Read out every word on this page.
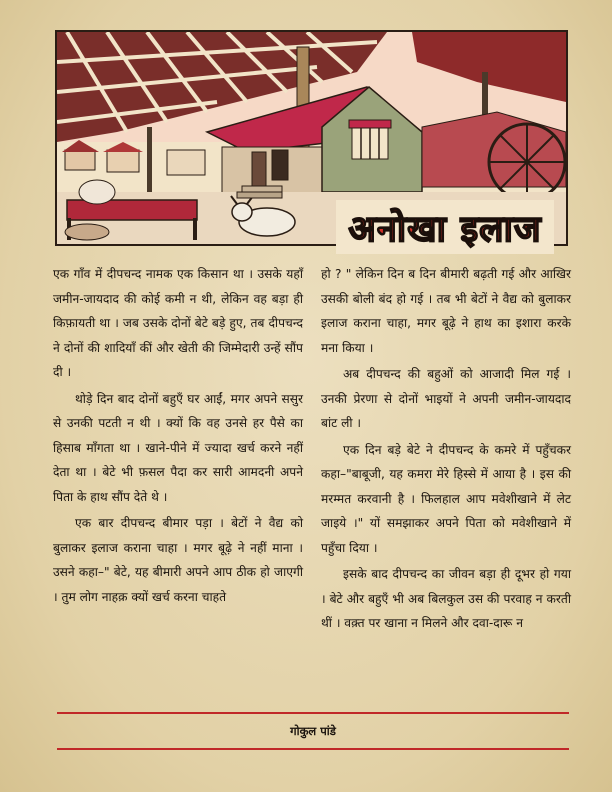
अनोखा इलाज

एक गाँव में दीपचन्द नामक एक किसान था । उसके यहाँ जमीन-जायदाद की कोई कमी न थी, लेकिन वह बड़ा ही किफ़ायती था । जब उसके दोनों बेटे बड़े हुए, तब दीपचन्द ने दोनों की शादियाँ कीं और खेती की जिम्मेदारी उन्हें सौंप दी ।

थोड़े दिन बाद दोनों बहुएँ घर आईं, मगर अपने ससुर से उनकी पटती न थी । क्यों कि वह उनसे हर पैसे का हिसाब माँगता था । खाने-पीने में ज्यादा खर्च करने नहीं देता था । बेटे भी फ़सल पैदा कर सारी आमदनी अपने पिता के हाथ सौंप देते थे ।

एक बार दीपचन्द बीमार पड़ा । बेटों ने वैद्य को बुलाकर इलाज कराना चाहा । मगर बूढ़े ने नहीं माना । उसने कहा–" बेटे, यह बीमारी अपने आप ठीक हो जाएगी । तुम लोग नाहक़ क्यों खर्च करना चाहते

हो ? " लेकिन दिन ब दिन बीमारी बढ़ती गई और आखिर उसकी बोली बंद हो गई । तब भी बेटों ने वैद्य को बुलाकर इलाज कराना चाहा, मगर बूढ़े ने हाथ का इशारा करके मना किया ।

अब दीपचन्द की बहुओं को आजादी मिल गई । उनकी प्रेरणा से दोनों भाइयों ने अपनी जमीन-जायदाद बांट ली ।

एक दिन बड़े बेटे ने दीपचन्द के कमरे में पहुँचकर कहा–"बाबूजी, यह कमरा मेरे हिस्से में आया है । इस की मरम्मत करवानी है । फिलहाल आप मवेशीखाने में लेट जाइये ।" यों समझाकर अपने पिता को मवेशीखाने में पहुँचा दिया ।

इसके बाद दीपचन्द का जीवन बड़ा ही दूभर हो गया । बेटे और बहुएँ भी अब बिलकुल उस की परवाह न करती थीं । वक़्त पर खाना न मिलने और दवा-दारू न

गोकुल पांडे
